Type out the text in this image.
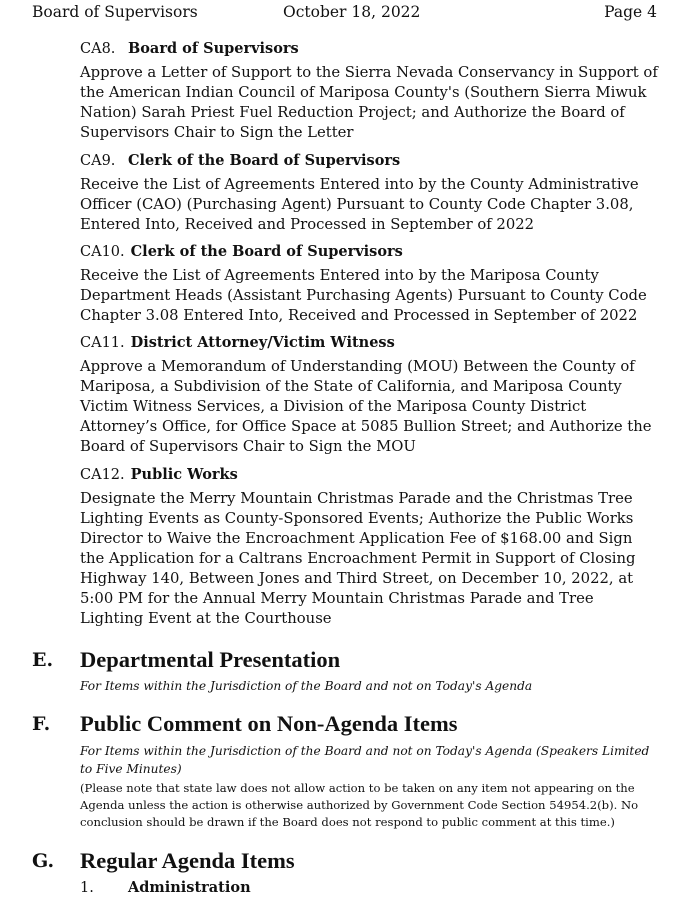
Board of Supervisors	October 18, 2022	Page 4
CA8. Board of Supervisors
Approve a Letter of Support to the Sierra Nevada Conservancy in Support of the American Indian Council of Mariposa County's (Southern Sierra Miwuk Nation) Sarah Priest Fuel Reduction Project; and Authorize the Board of Supervisors Chair to Sign the Letter
CA9. Clerk of the Board of Supervisors
Receive the List of Agreements Entered into by the County Administrative Officer (CAO) (Purchasing Agent) Pursuant to County Code Chapter 3.08, Entered Into, Received and Processed in September of 2022
CA10. Clerk of the Board of Supervisors
Receive the List of Agreements Entered into by the Mariposa County Department Heads (Assistant Purchasing Agents) Pursuant to County Code Chapter 3.08 Entered Into, Received and Processed in September of 2022
CA11. District Attorney/Victim Witness
Approve a Memorandum of Understanding (MOU) Between the County of Mariposa, a Subdivision of the State of California, and Mariposa County Victim Witness Services, a Division of the Mariposa County District Attorney’s Office, for Office Space at 5085 Bullion Street; and Authorize the Board of Supervisors Chair to Sign the MOU
CA12. Public Works
Designate the Merry Mountain Christmas Parade and the Christmas Tree Lighting Events as County-Sponsored Events; Authorize the Public Works Director to Waive the Encroachment Application Fee of $168.00 and Sign the Application for a Caltrans Encroachment Permit in Support of Closing Highway 140, Between Jones and Third Street, on December 10, 2022, at 5:00 PM for the Annual Merry Mountain Christmas Parade and Tree Lighting Event at the Courthouse
E. Departmental Presentation
For Items within the Jurisdiction of the Board and not on Today's Agenda
F. Public Comment on Non-Agenda Items
For Items within the Jurisdiction of the Board and not on Today's Agenda (Speakers Limited to Five Minutes)
(Please note that state law does not allow action to be taken on any item not appearing on the Agenda unless the action is otherwise authorized by Government Code Section 54954.2(b). No conclusion should be drawn if the Board does not respond to public comment at this time.)
G. Regular Agenda Items
1. Administration
